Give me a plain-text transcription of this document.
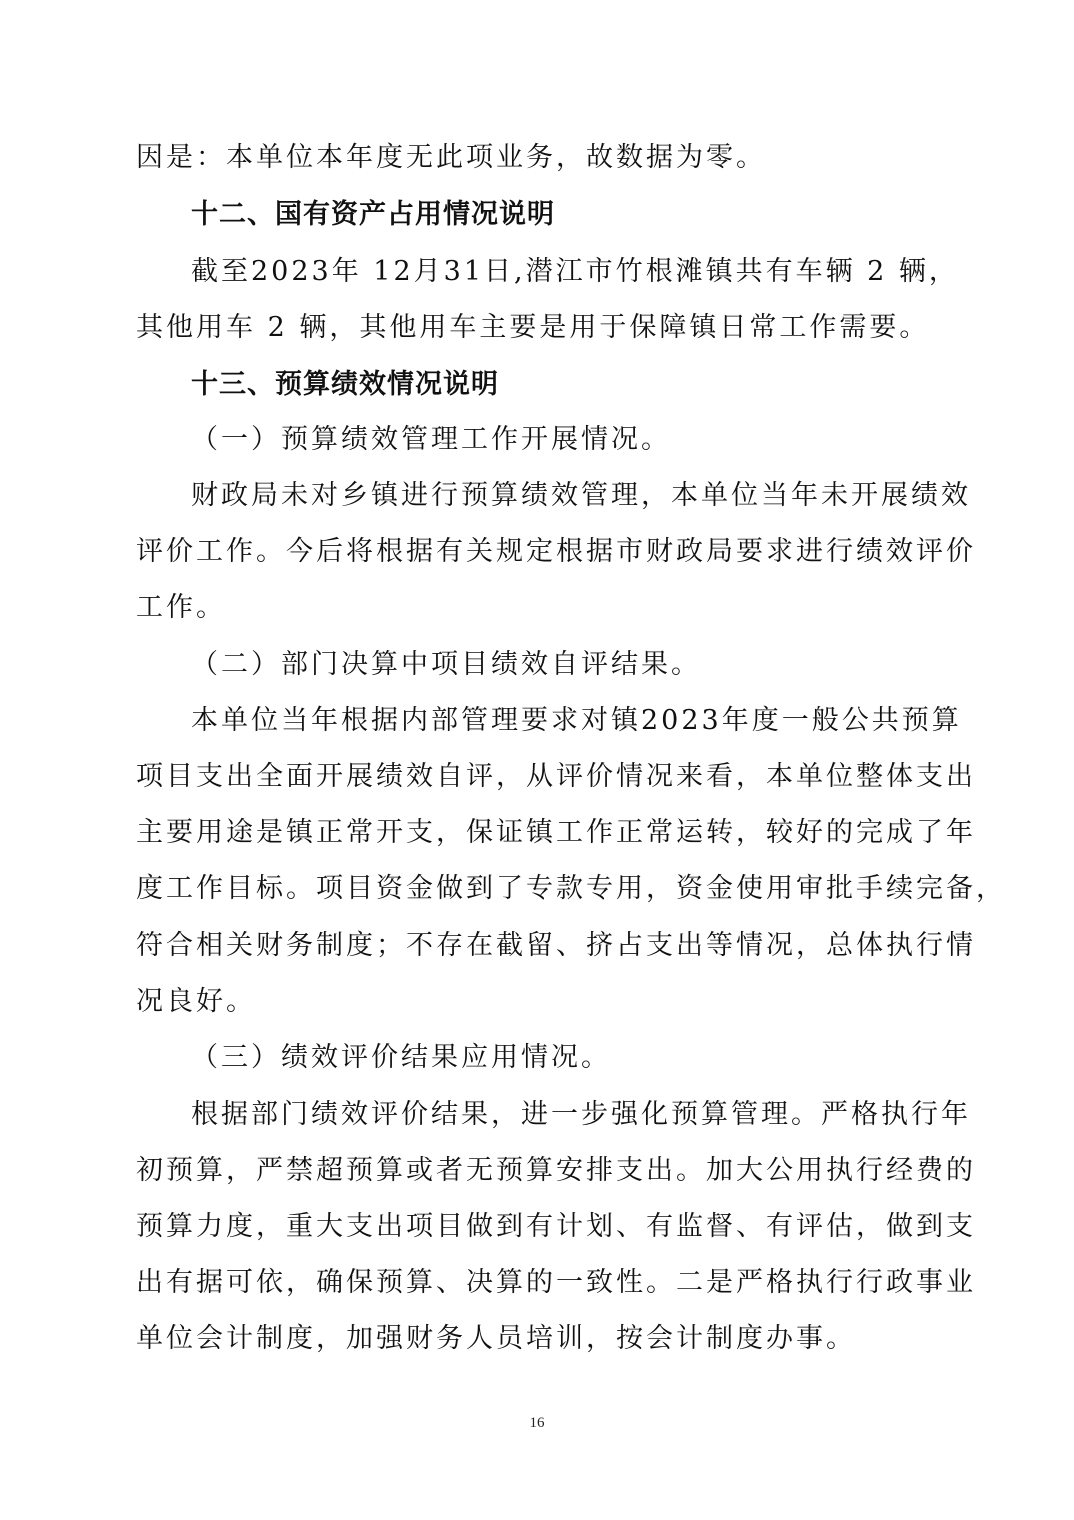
因是：本单位本年度无此项业务，故数据为零。
十二、国有资产占用情况说明
截至2023年 12月31日,潜江市竹根滩镇共有车辆 2 辆，
其他用车 2 辆，其他用车主要是用于保障镇日常工作需要。
十三、预算绩效情况说明
（一）预算绩效管理工作开展情况。
财政局未对乡镇进行预算绩效管理，本单位当年未开展绩效
评价工作。今后将根据有关规定根据市财政局要求进行绩效评价
工作。
（二）部门决算中项目绩效自评结果。
本单位当年根据内部管理要求对镇2023年度一般公共预算
项目支出全面开展绩效自评，从评价情况来看，本单位整体支出
主要用途是镇正常开支，保证镇工作正常运转，较好的完成了年
度工作目标。项目资金做到了专款专用，资金使用审批手续完备，
符合相关财务制度；不存在截留、挤占支出等情况，总体执行情
况良好。
（三）绩效评价结果应用情况。
根据部门绩效评价结果，进一步强化预算管理。严格执行年
初预算，严禁超预算或者无预算安排支出。加大公用执行经费的
预算力度，重大支出项目做到有计划、有监督、有评估，做到支
出有据可依，确保预算、决算的一致性。二是严格执行行政事业
单位会计制度，加强财务人员培训，按会计制度办事。
16
